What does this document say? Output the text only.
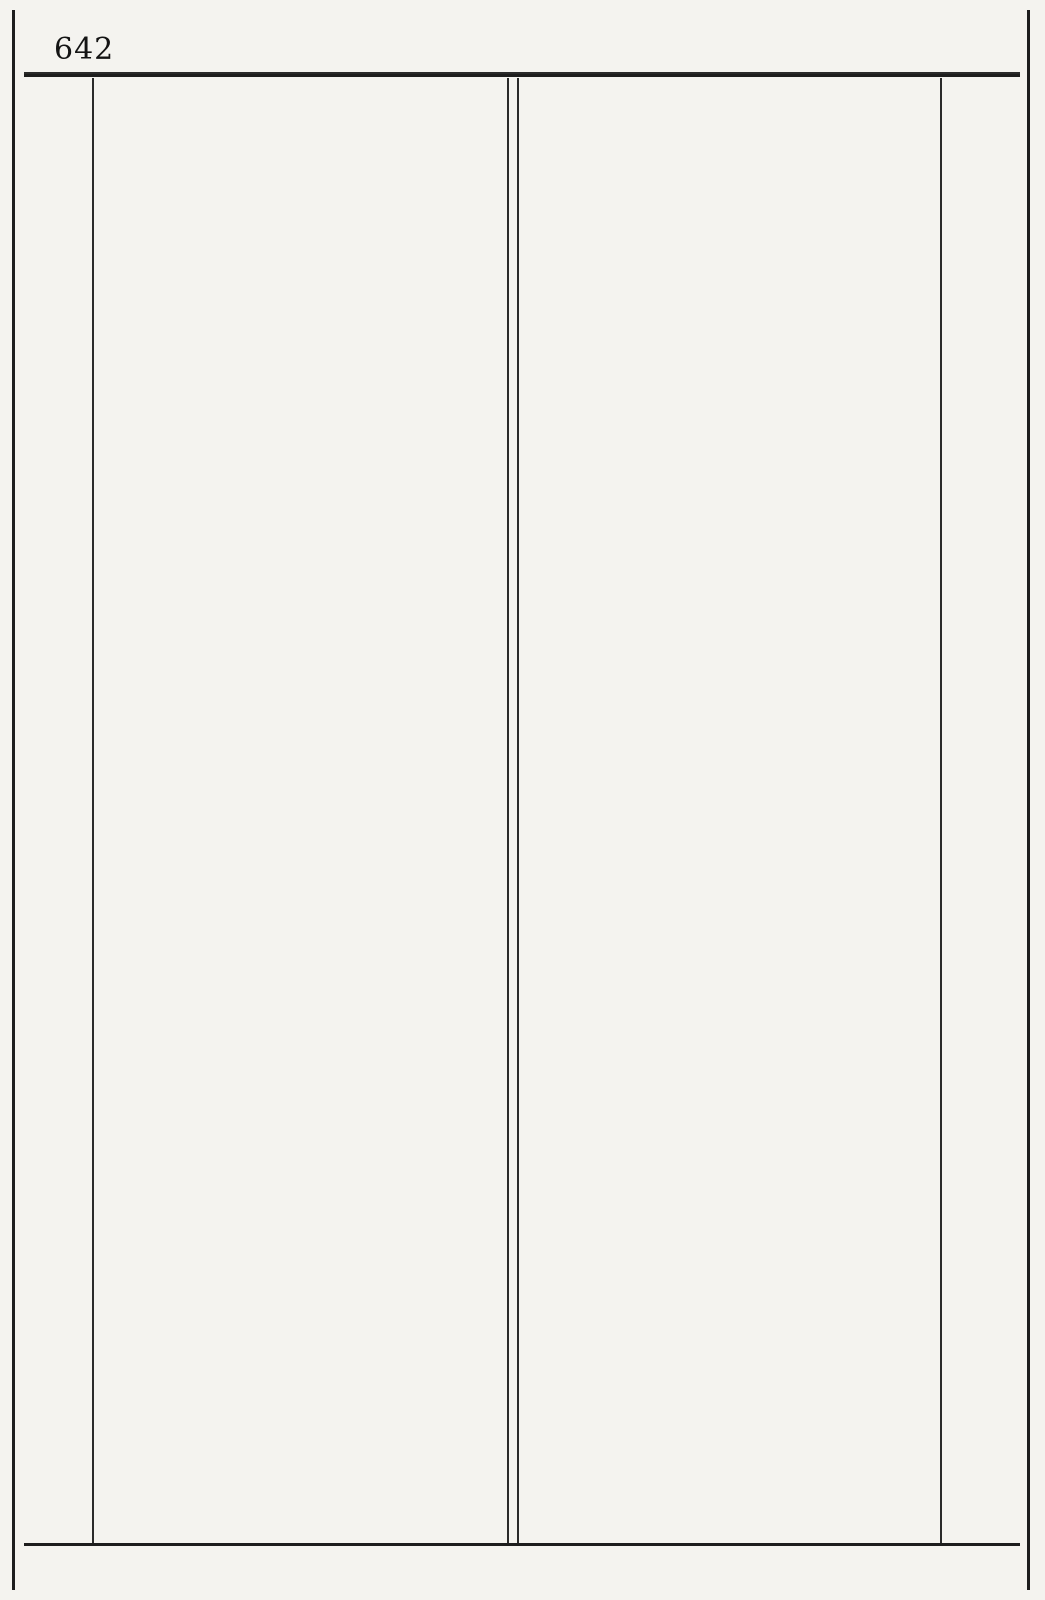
642
